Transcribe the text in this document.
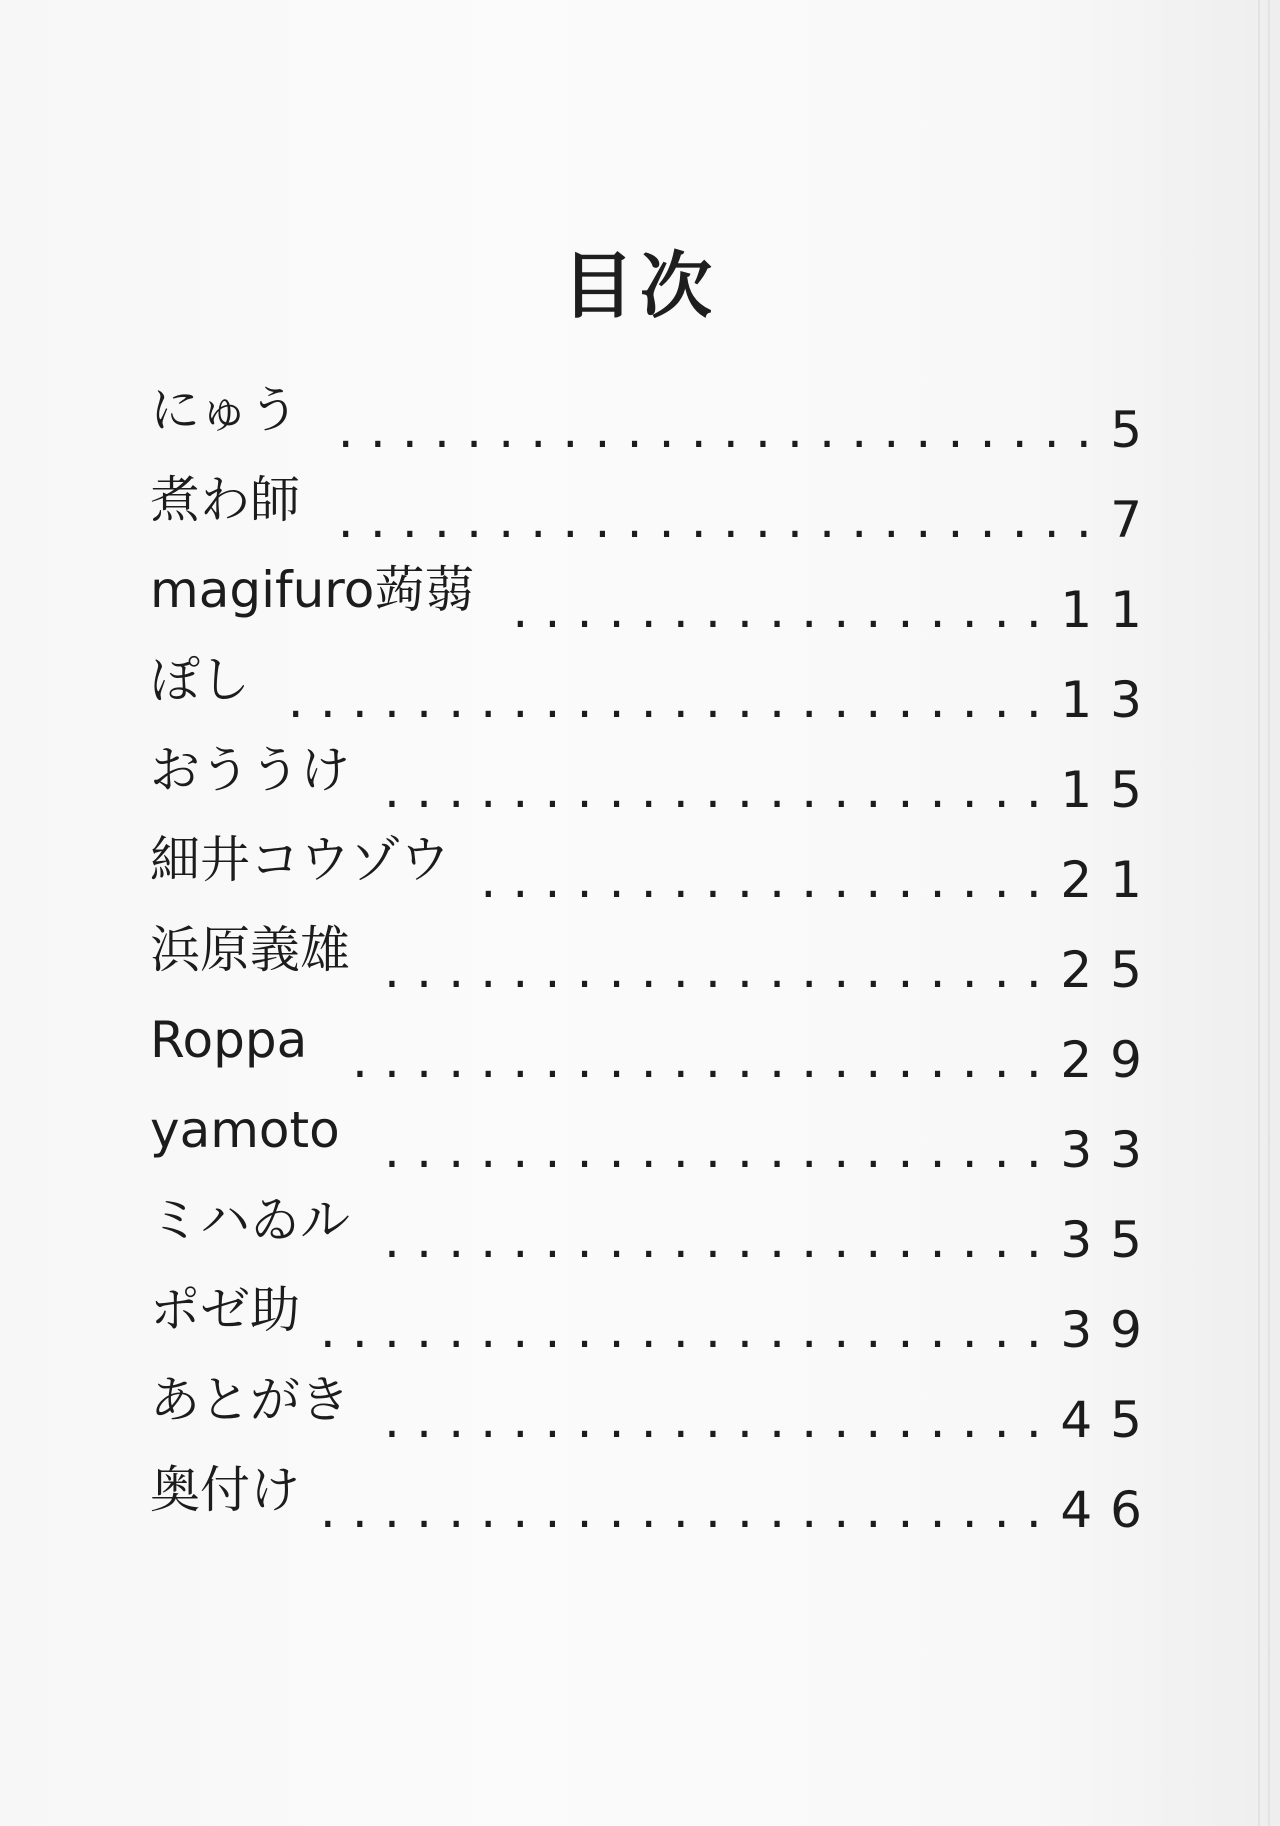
目次
にゅう ........................ 5
煮わ師 ........................ 7
magifuro蒟蒻 ................. 11
ぽし ........................ 13
おううけ ..................... 15
細井コウゾウ .................. 21
浜原義雄 ..................... 25
Roppa ...................... 29
yamoto ..................... 33
ミハゐル ..................... 35
ポゼ助 ....................... 39
あとがき ..................... 45
奥付け ....................... 46
